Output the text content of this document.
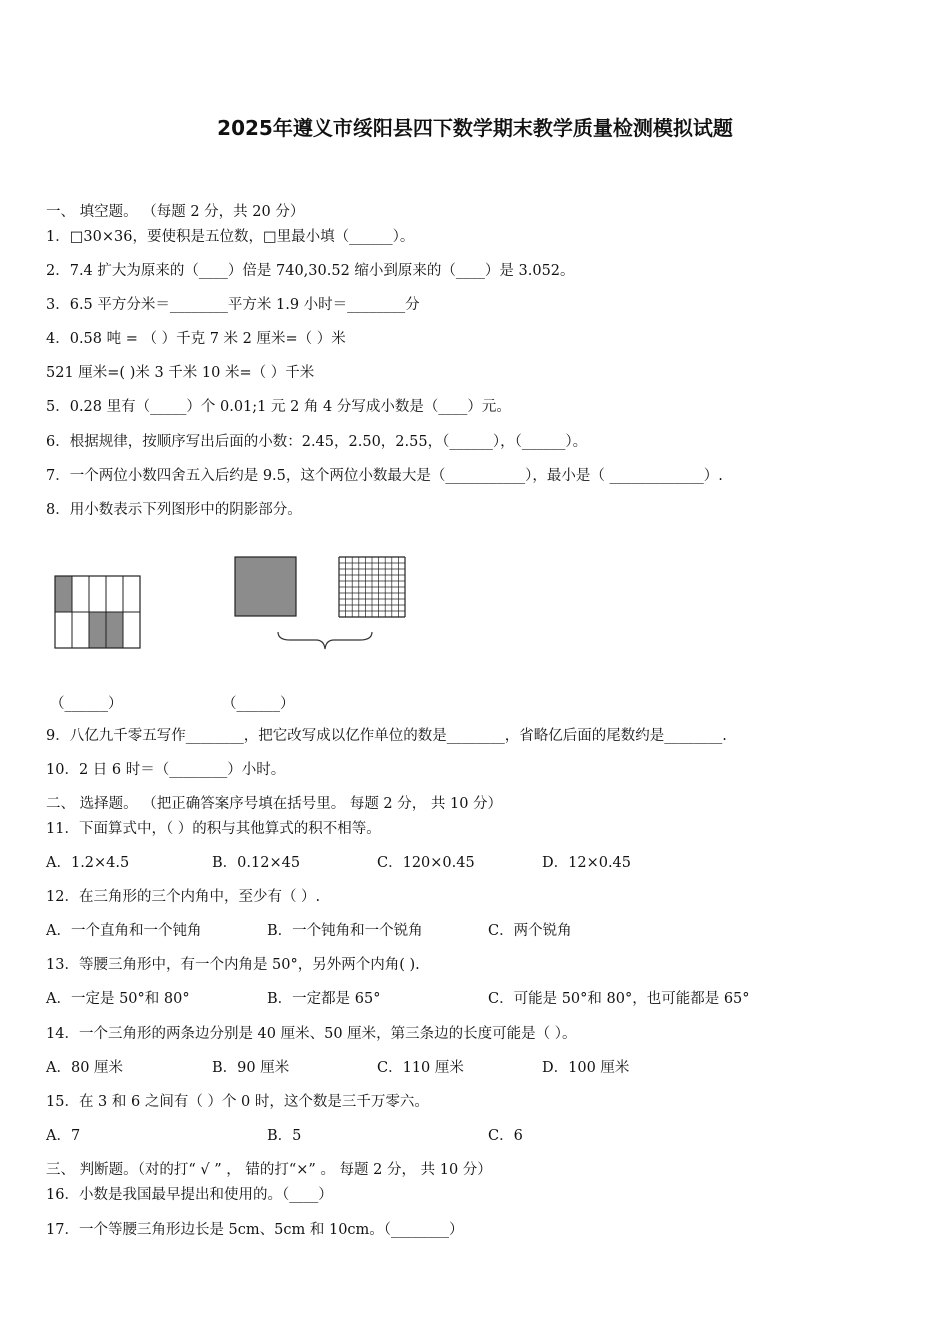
2025年遵义市绥阳县四下数学期末教学质量检测模拟试题
一、 填空题。 （每题 2 分，共 20 分）
1．□30×36，要使积是五位数，□里最小填（______）。
2．7.4 扩大为原来的（____）倍是 740,30.52 缩小到原来的（____）是 3.052。
3．6.5 平方分米＝________平方米 1.9 小时＝________分
4．0.58 吨 = （ ）千克 7 米 2 厘米=（ ）米
521 厘米=( )米 3 千米 10 米=（ ）千米
5．0.28 里有（_____）个 0.01;1 元 2 角 4 分写成小数是（____）元。
6．根据规律，按顺序写出后面的小数：2.45，2.50，2.55，（______），（______）。
7．一个两位小数四舍五入后约是 9.5，这个两位小数最大是（___________），最小是（ _____________）.
8．用小数表示下列图形中的阴影部分。
（______）	（______）
9．八亿九千零五写作________，把它改写成以亿作单位的数是________，省略亿后面的尾数约是________.
10．2 日 6 时＝（________）小时。
二、 选择题。 （把正确答案序号填在括号里。 每题 2 分， 共 10 分）
11．下面算式中，（ ）的积与其他算式的积不相等。
A．1.2×4.5	B．0.12×45	C．120×0.45	D．12×0.45
12．在三角形的三个内角中，至少有（ ）.
A．一个直角和一个钝角	B．一个钝角和一个锐角	C．两个锐角
13．等腰三角形中，有一个内角是 50°，另外两个内角( ).
A．一定是 50°和 80°	B．一定都是 65°	C．可能是 50°和 80°，也可能都是 65°
14．一个三角形的两条边分别是 40 厘米、50 厘米，第三条边的长度可能是（ ）。
A．80 厘米	B．90 厘米	C．110 厘米	D．100 厘米
15．在 3 和 6 之间有（ ）个 0 时，这个数是三千万零六。
A．7	B．5	C．6
三、 判断题。（对的打“ √ ” ， 错的打“×” 。 每题 2 分， 共 10 分）
16．小数是我国最早提出和使用的。（____）
17．一个等腰三角形边长是 5cm、5cm 和 10cm。（________）
